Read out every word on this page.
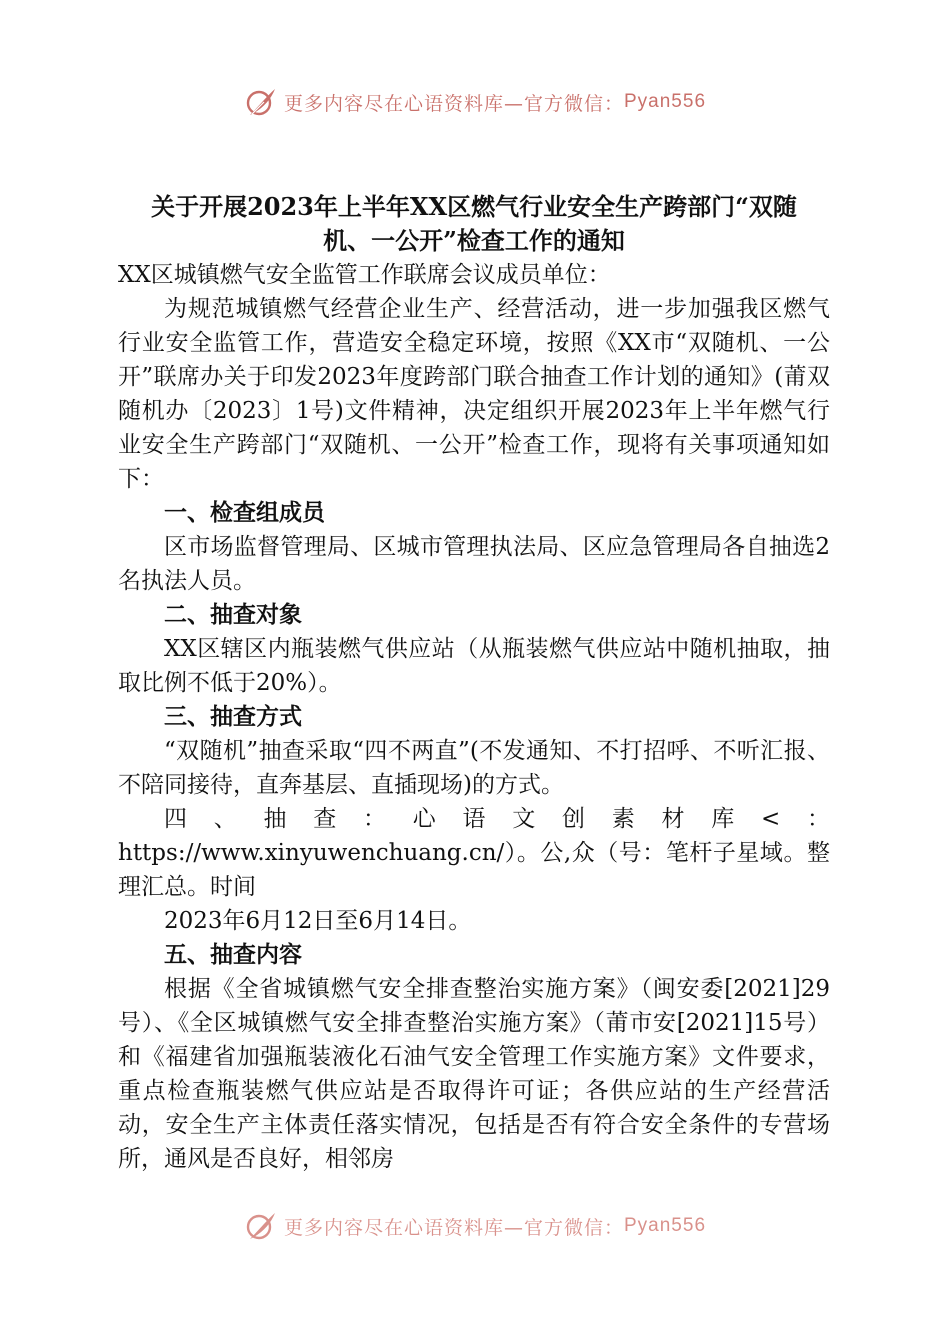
更多内容尽在心语资料库—官方微信： Pyan556
关于开展2023年上半年XX区燃气行业安全生产跨部门“双随
机、一公开”检查工作的通知

XX区城镇燃气安全监管工作联席会议成员单位：

为规范城镇燃气经营企业生产、经营活动，进一步加强我区燃气行业安全监管工作，营造安全稳定环境，按照《XX市“双随机、一公开”联席办关于印发2023年度跨部门联合抽查工作计划的通知》(莆双随机办〔2023〕1号)文件精神，决定组织开展2023年上半年燃气行业安全生产跨部门“双随机、一公开”检查工作，现将有关事项通知如下：

一、检查组成员

区市场监督管理局、区城市管理执法局、区应急管理局各自抽选2名执法人员。

二、抽查对象

XX区辖区内瓶装燃气供应站（从瓶装燃气供应站中随机抽取，抽取比例不低于20%）。

三、抽查方式

“双随机”抽查采取“四不两直”(不发通知、不打招呼、不听汇报、不陪同接待，直奔基层、直插现场)的方式。

四、抽查：心语文创素材库<：https://www.xinyuwenchuang.cn/）。公,众（号：笔杆子星域。整理汇总。时间

2023年6月12日至6月14日。

五、抽查内容

根据《全省城镇燃气安全排查整治实施方案》（闽安委[2021]29号）、《全区城镇燃气安全排查整治实施方案》（莆市安[2021]15号）和《福建省加强瓶装液化石油气安全管理工作实施方案》文件要求，重点检查瓶装燃气供应站是否取得许可证；各供应站的生产经营活动，安全生产主体责任落实情况，包括是否有符合安全条件的专营场所，通风是否良好，相邻房

更多内容尽在心语资料库—官方微信： Pyan556
